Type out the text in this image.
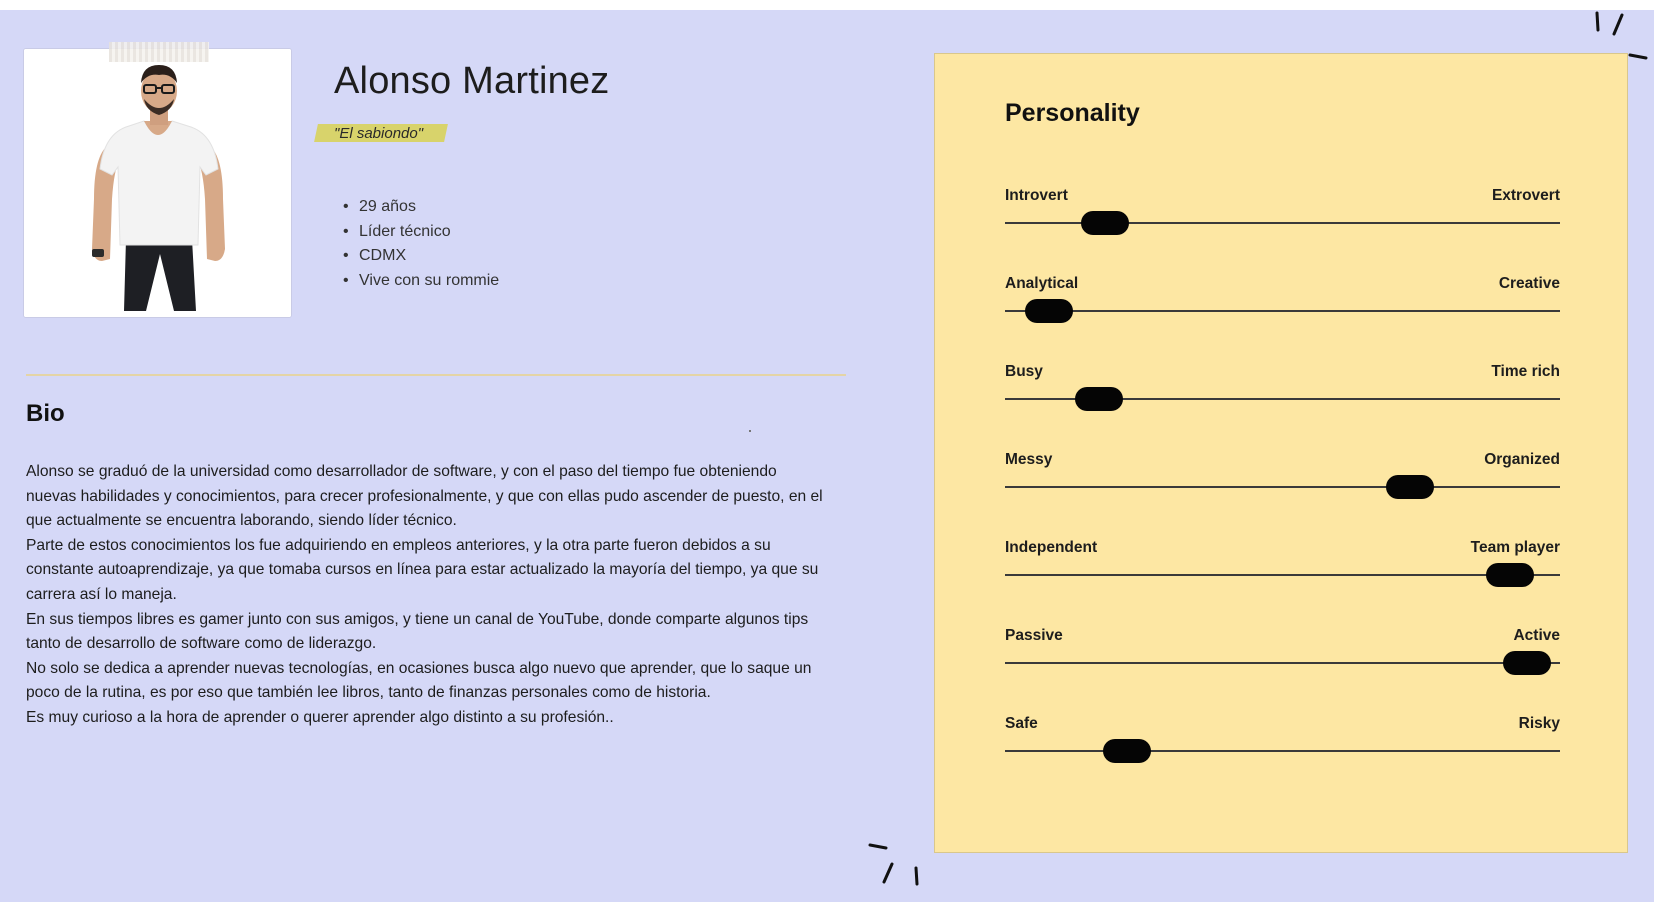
Alonso Martinez
"El sabiondo"
• 29 años
• Líder técnico
• CDMX
• Vive con su rommie
Bio

Alonso se graduó de la universidad como desarrollador de software, y con el paso del tiempo fue obteniendo nuevas habilidades y conocimientos, para crecer profesionalmente, y que con ellas pudo ascender de puesto, en el que actualmente se encuentra laborando, siendo líder técnico.

Parte de estos conocimientos los fue adquiriendo en empleos anteriores, y la otra parte fueron debidos a su constante autoaprendizaje, ya que tomaba cursos en línea para estar actualizado la mayoría del tiempo, ya que su carrera así lo maneja.

En sus tiempos libres es gamer junto con sus amigos, y tiene un canal de YouTube, donde comparte algunos tips tanto de desarrollo de software como de liderazgo.

No solo se dedica a aprender nuevas tecnologías, en ocasiones busca algo nuevo que aprender, que lo saque un poco de la rutina, es por eso que también lee libros, tanto de finanzas personales como de historia.

Es muy curioso a la hora de aprender o querer aprender algo distinto a su profesión..

Personality
Introvert	Extrovert
Analytical	Creative
Busy	Time rich
Messy	Organized
Independent	Team player
Passive	Active
Safe	Risky
